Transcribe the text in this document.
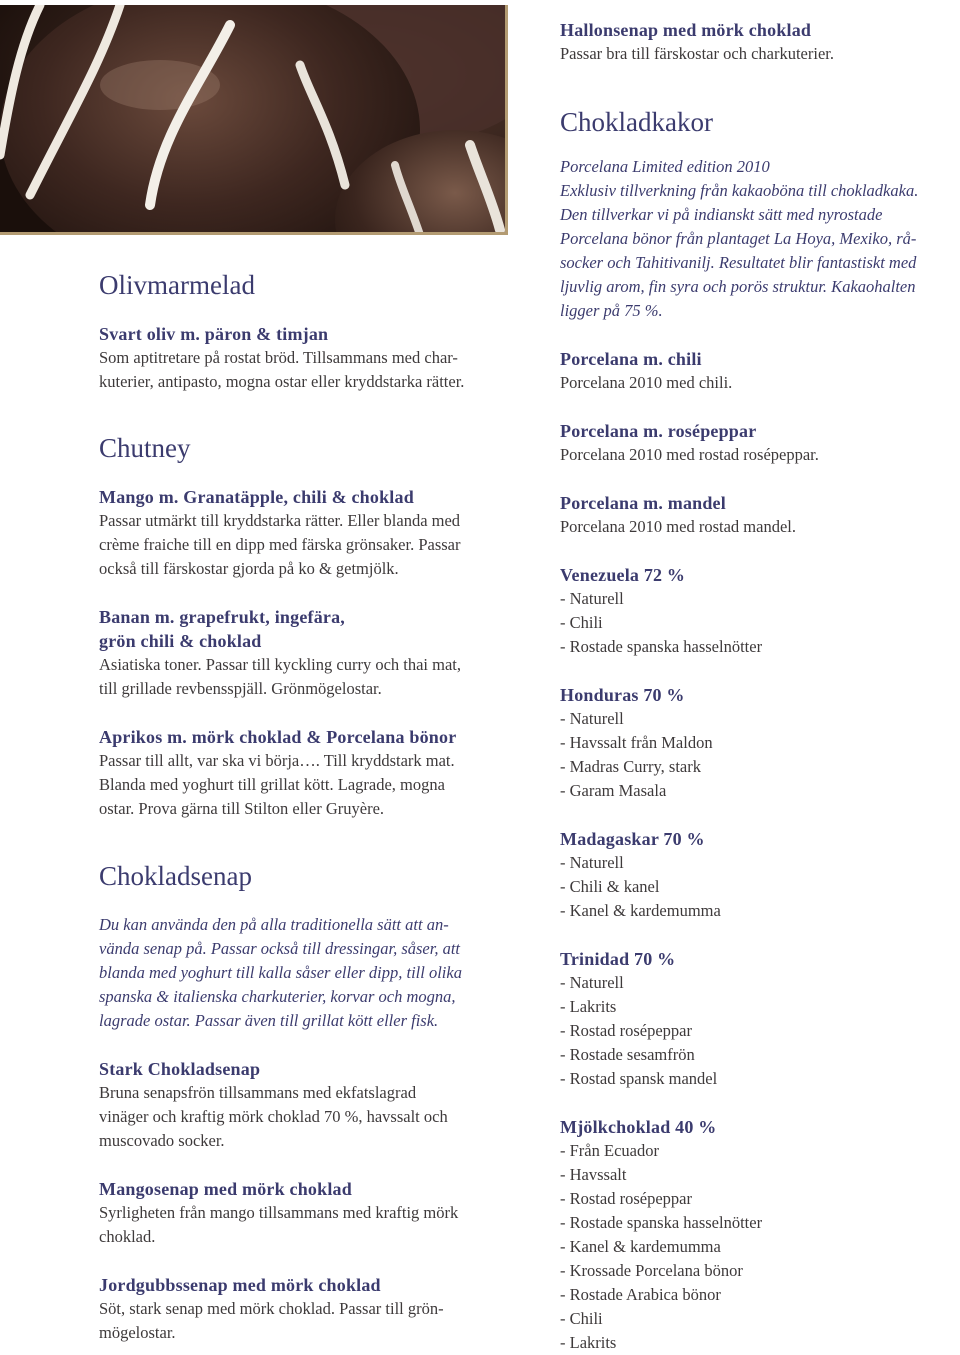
Olivmarmelad

Svart oliv m. päron & timjan

Som aptitretare på rostat bröd. Tillsammans med char-
kuterier, antipasto, mogna ostar eller kryddstarka rätter.

Chutney

Mango m. Granatäpple, chili & choklad

Passar utmärkt till kryddstarka rätter. Eller blanda med
crème fraiche till en dipp med färska grönsaker. Passar
också till färskostar gjorda på ko & getmjölk.

Banan m. grapefrukt, ingefära,
grön chili & choklad

Asiatiska toner. Passar till kyckling curry och thai mat,
till grillade revbensspjäll. Grönmögelostar.

Aprikos m. mörk choklad & Porcelana bönor

Passar till allt, var ska vi börja…. Till kryddstark mat.
Blanda med yoghurt till grillat kött. Lagrade, mogna
ostar. Prova gärna till Stilton eller Gruyère.

Chokladsenap

Du kan använda den på alla traditionella sätt att an-
vända senap på. Passar också till dressingar, såser, att
blanda med yoghurt till kalla såser eller dipp, till olika
spanska & italienska charkuterier, korvar och mogna,
lagrade ostar. Passar även till grillat kött eller fisk.

Stark Chokladsenap

Bruna senapsfrön tillsammans med ekfatslagrad
vinäger och kraftig mörk choklad 70 %, havssalt och
muscovado socker.

Mangosenap med mörk choklad

Syrligheten från mango tillsammans med kraftig mörk
choklad.

Jordgubbssenap med mörk choklad

Söt, stark senap med mörk choklad. Passar till grön-
mögelostar.

Hallonsenap med mörk choklad

Passar bra till färskostar och charkuterier.

Chokladkakor

Porcelana Limited edition 2010
Exklusiv tillverkning från kakaoböna till chokladkaka.
Den tillverkar vi på indianskt sätt med nyrostade
Porcelana bönor från plantaget La Hoya, Mexiko, rå-
socker och Tahitivanilj. Resultatet blir fantastiskt med
ljuvlig arom, fin syra och porös struktur. Kakaohalten
ligger på 75 %.

Porcelana m. chili

Porcelana 2010 med chili.

Porcelana m. rosépeppar

Porcelana 2010 med rostad rosépeppar.

Porcelana m. mandel

Porcelana 2010 med rostad mandel.

Venezuela 72 %

- Naturell
- Chili
- Rostade spanska hasselnötter

Honduras 70 %

- Naturell
- Havssalt från Maldon
- Madras Curry, stark
- Garam Masala

Madagaskar 70 %

- Naturell
- Chili & kanel
- Kanel & kardemumma

Trinidad 70 %

- Naturell
- Lakrits
- Rostad rosépeppar
- Rostade sesamfrön
- Rostad spansk mandel

Mjölkchoklad 40 %

- Från Ecuador
- Havssalt
- Rostad rosépeppar
- Rostade spanska hasselnötter
- Kanel & kardemumma
- Krossade Porcelana bönor
- Rostade Arabica bönor
- Chili
- Lakrits
